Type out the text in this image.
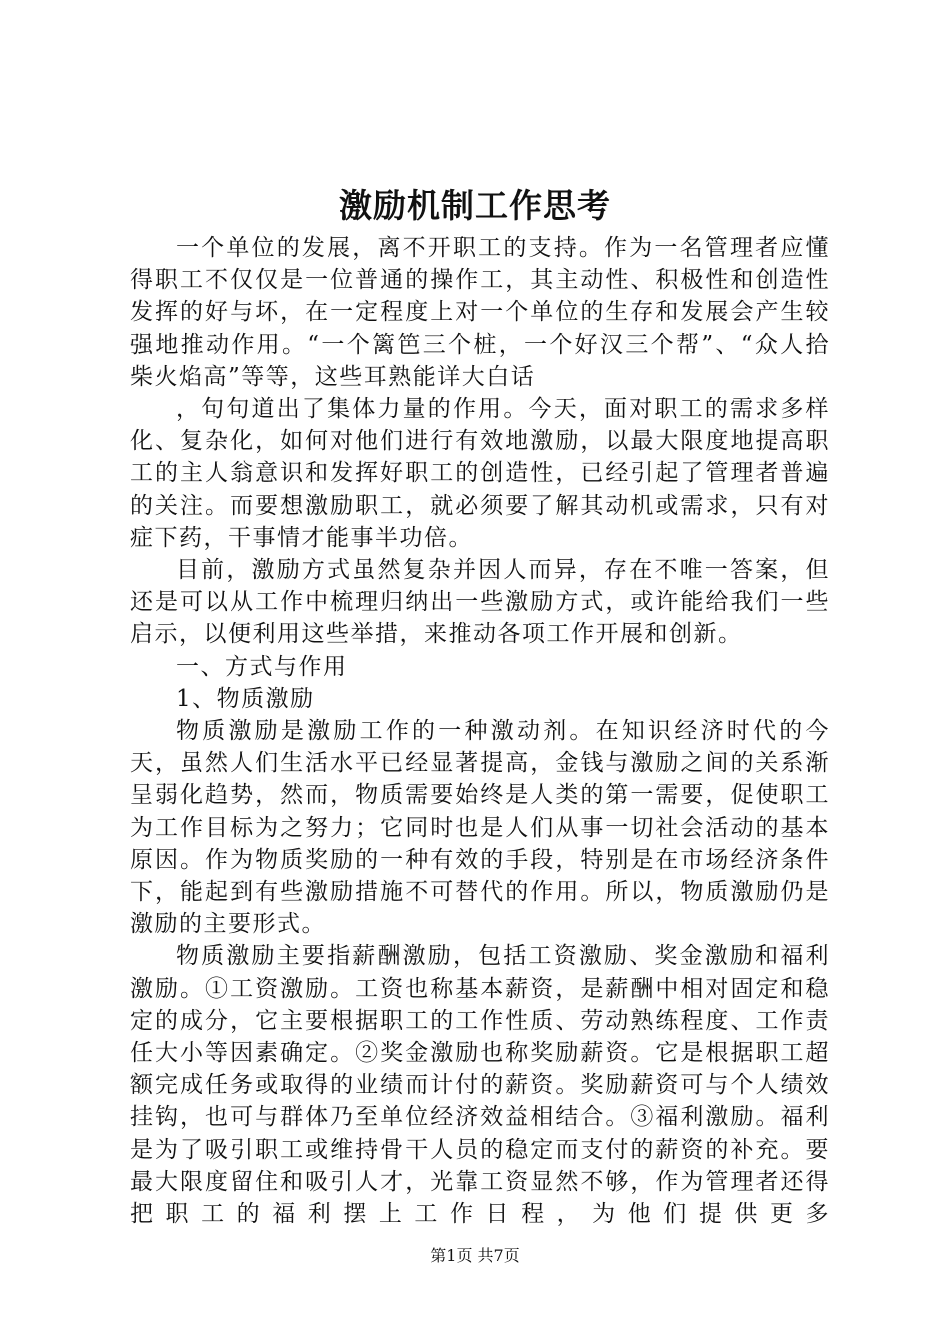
激励机制工作思考

一个单位的发展，离不开职工的支持。作为一名管理者应懂得职工不仅仅是一位普通的操作工，其主动性、积极性和创造性发挥的好与坏，在一定程度上对一个单位的生存和发展会产生较强地推动作用。“一个篱笆三个桩，一个好汉三个帮”、“众人拾柴火焰高”等等，这些耳熟能详大白话

，句句道出了集体力量的作用。今天，面对职工的需求多样化、复杂化，如何对他们进行有效地激励，以最大限度地提高职工的主人翁意识和发挥好职工的创造性，已经引起了管理者普遍的关注。而要想激励职工，就必须要了解其动机或需求，只有对症下药，干事情才能事半功倍。

目前，激励方式虽然复杂并因人而异，存在不唯一答案，但还是可以从工作中梳理归纳出一些激励方式，或许能给我们一些启示，以便利用这些举措，来推动各项工作开展和创新。

一、方式与作用

1、物质激励

物质激励是激励工作的一种激动剂。在知识经济时代的今天，虽然人们生活水平已经显著提高，金钱与激励之间的关系渐呈弱化趋势，然而，物质需要始终是人类的第一需要，促使职工为工作目标为之努力；它同时也是人们从事一切社会活动的基本原因。作为物质奖励的一种有效的手段，特别是在市场经济条件下，能起到有些激励措施不可替代的作用。所以，物质激励仍是激励的主要形式。

物质激励主要指薪酬激励，包括工资激励、奖金激励和福利激励。①工资激励。工资也称基本薪资，是薪酬中相对固定和稳定的成分，它主要根据职工的工作性质、劳动熟练程度、工作责任大小等因素确定。②奖金激励也称奖励薪资。它是根据职工超额完成任务或取得的业绩而计付的薪资。奖励薪资可与个人绩效挂钩，也可与群体乃至单位经济效益相结合。③福利激励。福利是为了吸引职工或维持骨干人员的稳定而支付的薪资的补充。要最大限度留住和吸引人才，光靠工资显然不够，作为管理者还得把职工的福利摆上工作日程，为他们提供更多

第1页 共7页
